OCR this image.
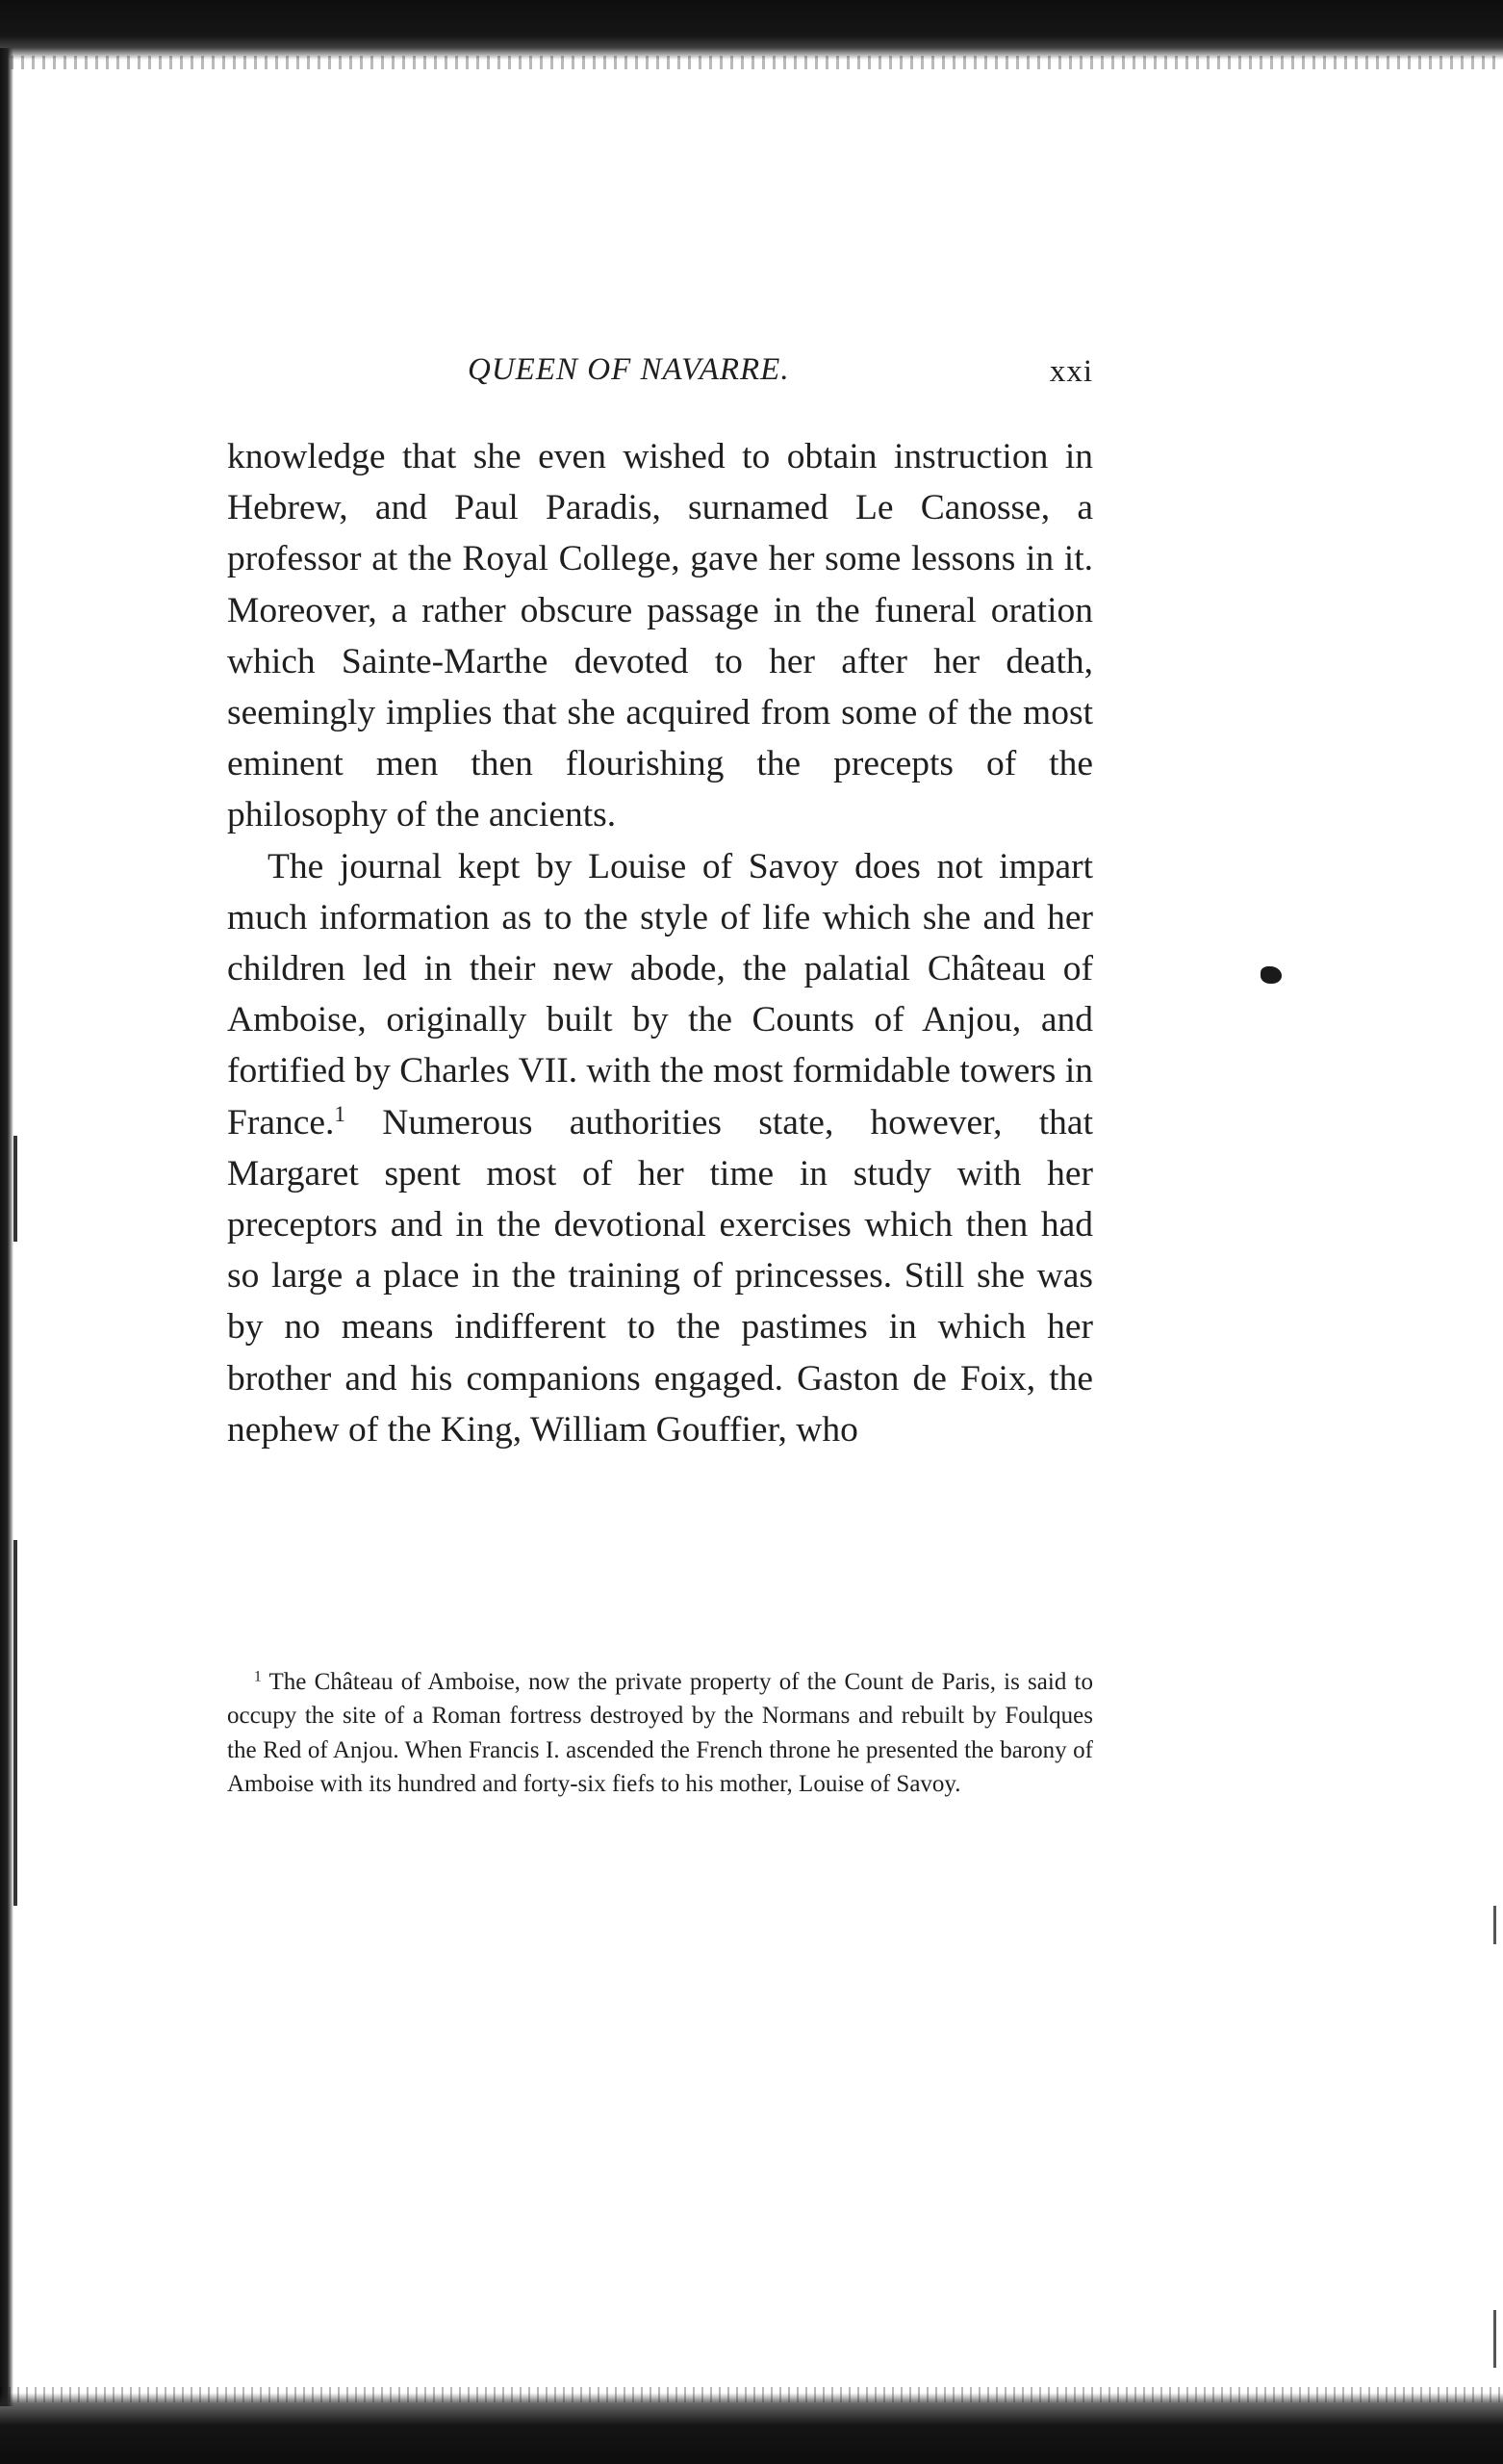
QUEEN OF NAVARRE.	xxi

knowledge that she even wished to obtain instruction in Hebrew, and Paul Paradis, surnamed Le Canosse, a professor at the Royal College, gave her some lessons in it. Moreover, a rather obscure passage in the funeral oration which Sainte-Marthe devoted to her after her death, seemingly implies that she acquired from some of the most eminent men then flourishing the precepts of the philosophy of the ancients.

The journal kept by Louise of Savoy does not impart much information as to the style of life which she and her children led in their new abode, the palatial Château of Amboise, originally built by the Counts of Anjou, and fortified by Charles VII. with the most formidable towers in France.$^1$ Numerous authorities state, however, that Margaret spent most of her time in study with her preceptors and in the devotional exercises which then had so large a place in the training of princesses. Still she was by no means indifferent to the pastimes in which her brother and his companions engaged. Gaston de Foix, the nephew of the King, William Gouffier, who

$^1$ The Château of Amboise, now the private property of the Count de Paris, is said to occupy the site of a Roman fortress destroyed by the Normans and rebuilt by Foulques the Red of Anjou. When Francis I. ascended the French throne he presented the barony of Amboise with its hundred and forty-six fiefs to his mother, Louise of Savoy.
